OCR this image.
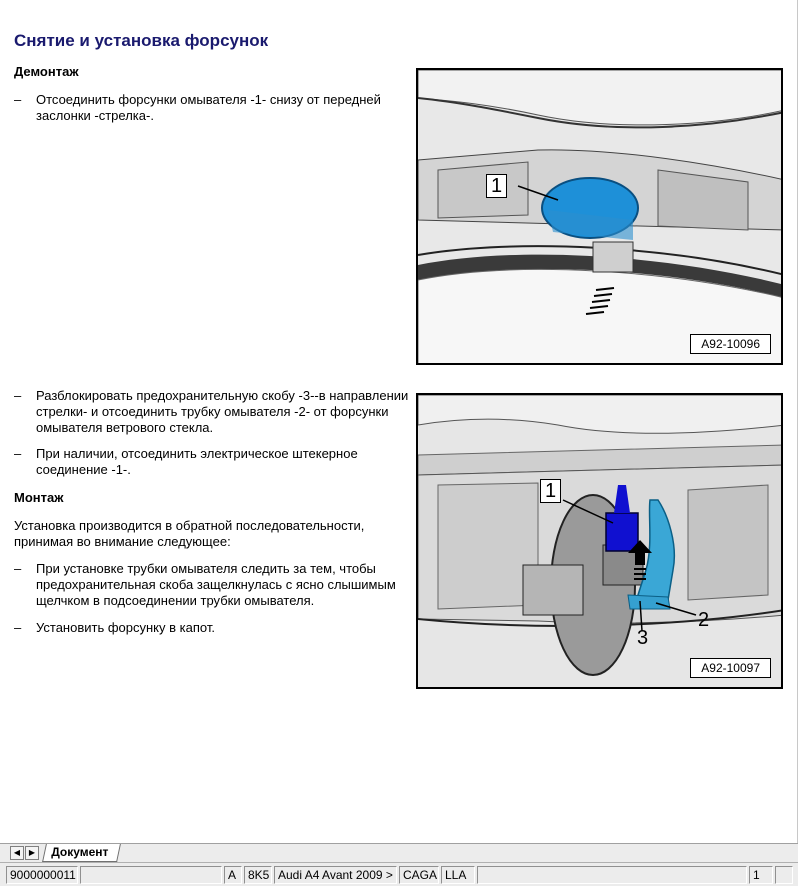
Снятие и установка форсунок
Демонтаж
– Отсоединить форсунки омывателя -1- снизу от передней заслонки -стрелка-.
1
A92-10096
– Разблокировать предохранительную скобу -3--в направлении стрелки- и отсоединить трубку омывателя -2- от форсунки омывателя ветрового стекла.
– При наличии, отсоединить электрическое штекерное соединение -1-.
Монтаж
Установка производится в обратной последовательности, принимая во внимание следующее:
– При установке трубки омывателя следить за тем, чтобы предохранительная скоба защелкнулась с ясно слышимым щелчком в подсоединении трубки омывателя.
– Установить форсунку в капот.
1
2
3
A92-10097
◀	▶	Документ
9000000011	A 8K5 Audi A4 Avant 2009 > CAGA LLA	1
